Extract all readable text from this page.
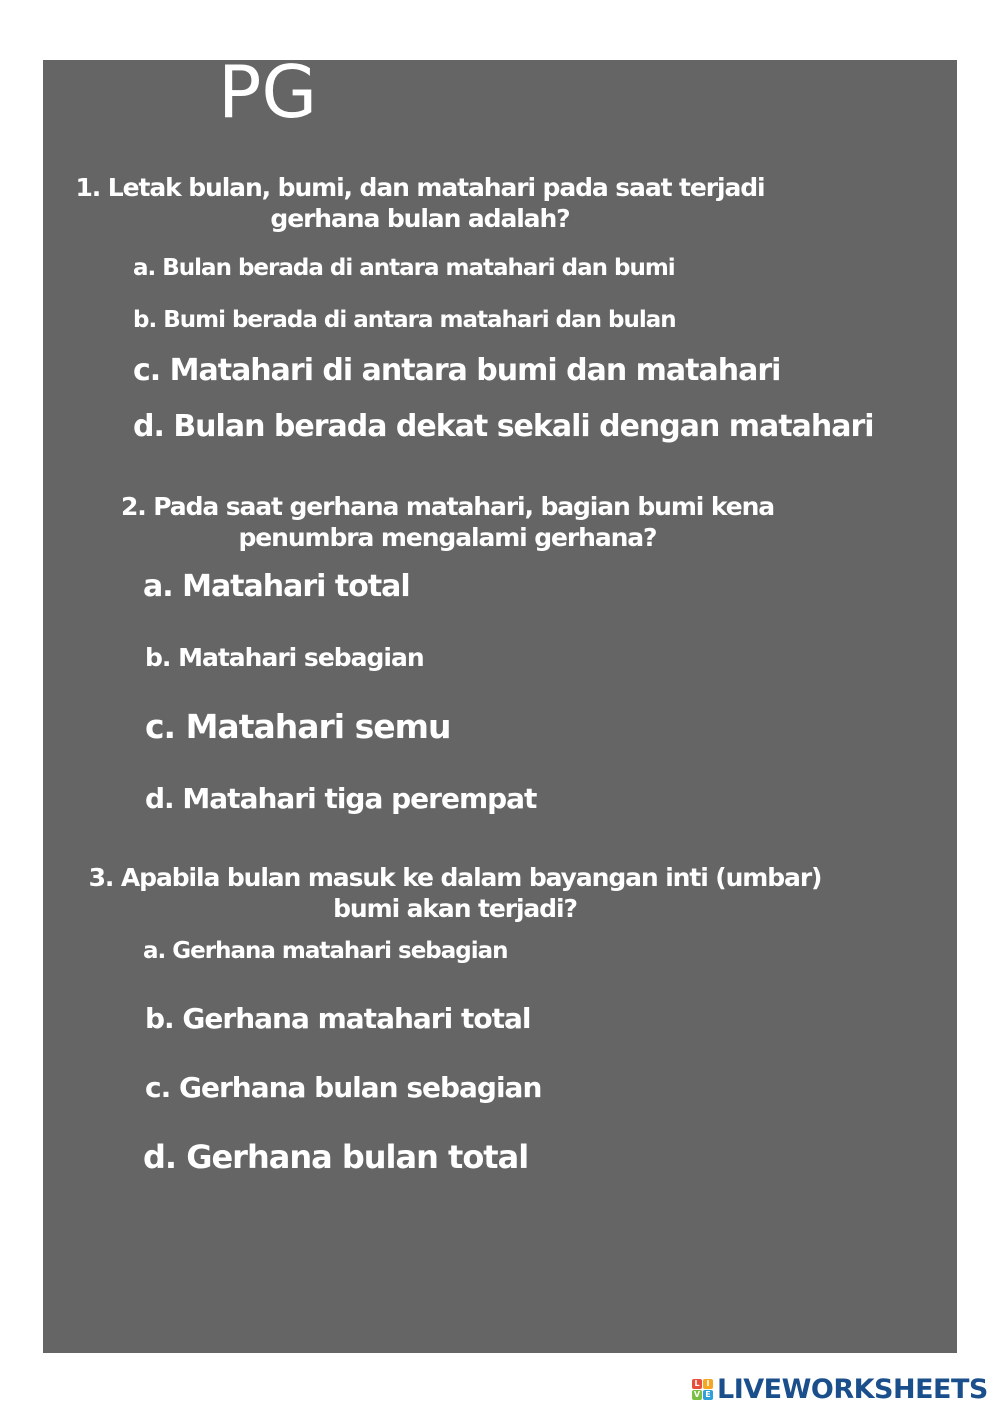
PG
1. Letak bulan, bumi, dan matahari pada saat terjadi gerhana bulan adalah?
a. Bulan berada di antara matahari dan bumi
b. Bumi berada di antara matahari dan bulan
c. Matahari di antara bumi dan matahari
d. Bulan berada dekat sekali dengan matahari
2. Pada saat gerhana matahari, bagian bumi kena penumbra mengalami gerhana?
a. Matahari total
b. Matahari sebagian
c. Matahari semu
d. Matahari tiga perempat
3. Apabila bulan masuk ke dalam bayangan inti (umbar) bumi akan terjadi?
a. Gerhana matahari sebagian
b. Gerhana matahari total
c. Gerhana bulan sebagian
d. Gerhana bulan total
L I
V E LIVEWORKSHEETS
